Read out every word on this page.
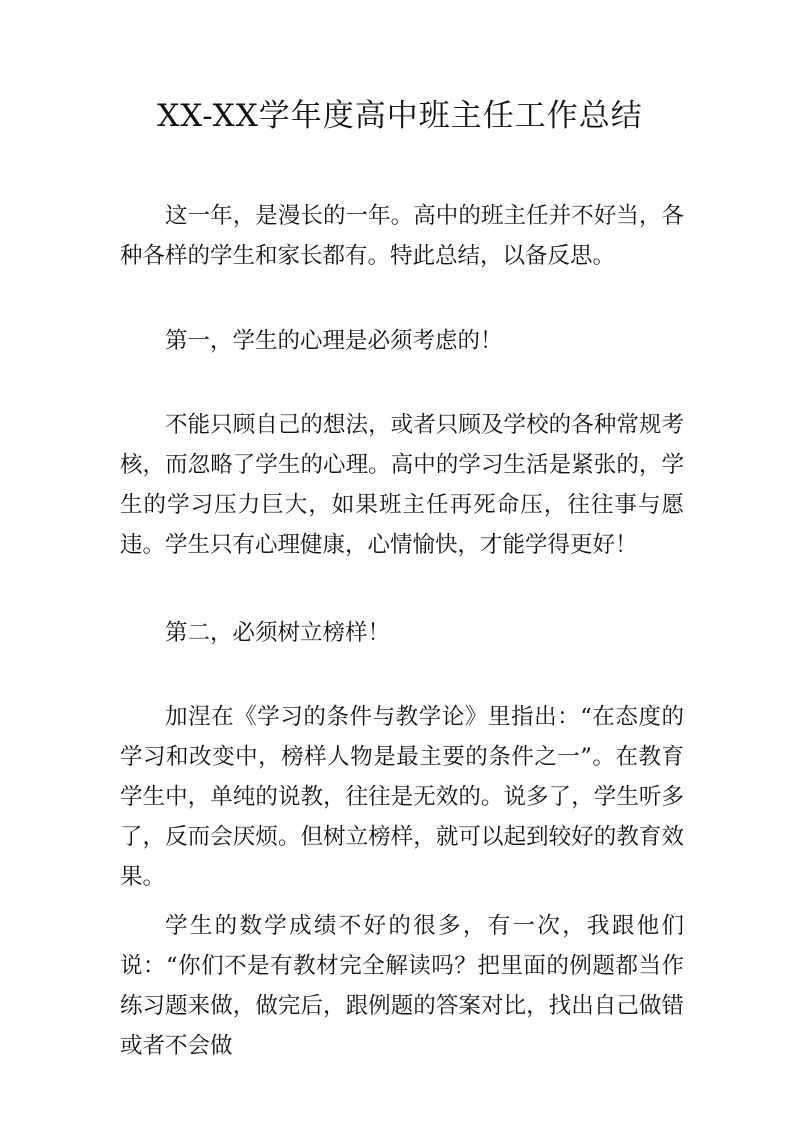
XX-XX学年度高中班主任工作总结

这一年，是漫长的一年。高中的班主任并不好当，各种各样的学生和家长都有。特此总结，以备反思。

第一，学生的心理是必须考虑的！

不能只顾自己的想法，或者只顾及学校的各种常规考核，而忽略了学生的心理。高中的学习生活是紧张的，学生的学习压力巨大，如果班主任再死命压，往往事与愿违。学生只有心理健康，心情愉快，才能学得更好！

第二，必须树立榜样！

加涅在《学习的条件与教学论》里指出：“在态度的学习和改变中，榜样人物是最主要的条件之一”。在教育学生中，单纯的说教，往往是无效的。说多了，学生听多了，反而会厌烦。但树立榜样，就可以起到较好的教育效果。

学生的数学成绩不好的很多，有一次，我跟他们说：“你们不是有教材完全解读吗？把里面的例题都当作练习题来做，做完后，跟例题的答案对比，找出自己做错或者不会做
